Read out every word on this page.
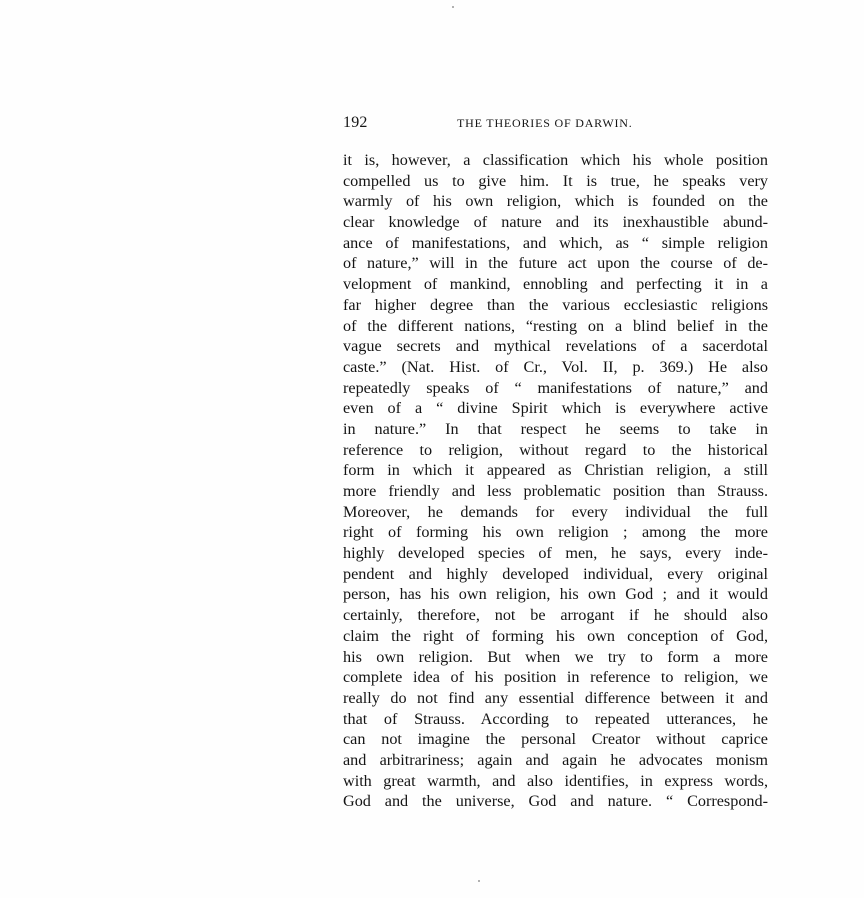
192	THE THEORIES OF DARWIN.
it is, however, a classification which his whole position
compelled us to give him. It is true, he speaks very
warmly of his own religion, which is founded on the
clear knowledge of nature and its inexhaustible abund-
ance of manifestations, and which, as “ simple religion
of nature,” will in the future act upon the course of de-
velopment of mankind, ennobling and perfecting it in a
far higher degree than the various ecclesiastic religions
of the different nations, “resting on a blind belief in the
vague secrets and mythical revelations of a sacerdotal
caste.” (Nat. Hist. of Cr., Vol. II, p. 369.) He also
repeatedly speaks of “ manifestations of nature,” and
even of a “ divine Spirit which is everywhere active
in nature.” In that respect he seems to take in
reference to religion, without regard to the historical
form in which it appeared as Christian religion, a still
more friendly and less problematic position than Strauss.
Moreover, he demands for every individual the full
right of forming his own religion ; among the more
highly developed species of men, he says, every inde-
pendent and highly developed individual, every original
person, has his own religion, his own God ; and it would
certainly, therefore, not be arrogant if he should also
claim the right of forming his own conception of God,
his own religion. But when we try to form a more
complete idea of his position in reference to religion, we
really do not find any essential difference between it and
that of Strauss. According to repeated utterances, he
can not imagine the personal Creator without caprice
and arbitrariness; again and again he advocates monism
with great warmth, and also identifies, in express words,
God and the universe, God and nature. “ Correspond-
